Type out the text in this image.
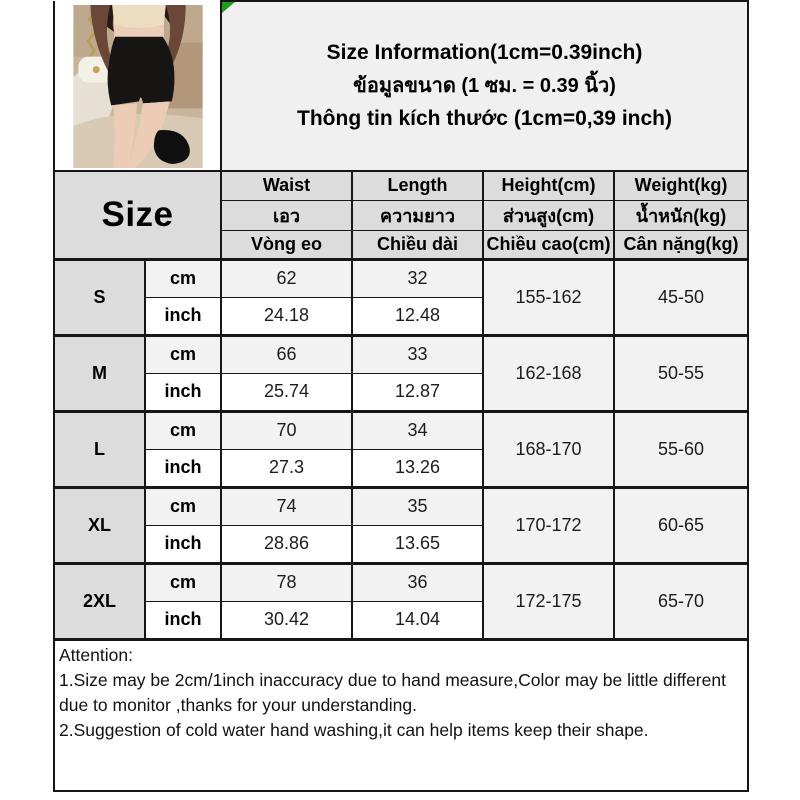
Size Information(1cm=0.39inch)
ข้อมูลขนาด (1 ซม. = 0.39 นิ้ว)
Thông tin kích thước (1cm=0,39 inch)			

Size		Waist	Length	Height(cm)	Weight(kg)
		เอว	ความยาว	ส่วนสูง(cm)	น้ำหนัก(kg)
		Vòng eo	Chiều dài	Chiều cao(cm)	Cân nặng(kg)
S	cm	62	32	155-162	45-50
	inch	24.18	12.48		
M	cm	66	33	162-168	50-55
	inch	25.74	12.87		
L	cm	70	34	168-170	55-60
	inch	27.3	13.26		
XL	cm	74	35	170-172	60-65
	inch	28.86	13.65		
2XL	cm	78	36	172-175	65-70
	inch	30.42	14.04		

Attention:
1.Size may be 2cm/1inch inaccuracy due to hand measure,Color may be little different due to monitor ,thanks for your understanding.
2.Suggestion of cold water hand washing,it can help items keep their shape.					
